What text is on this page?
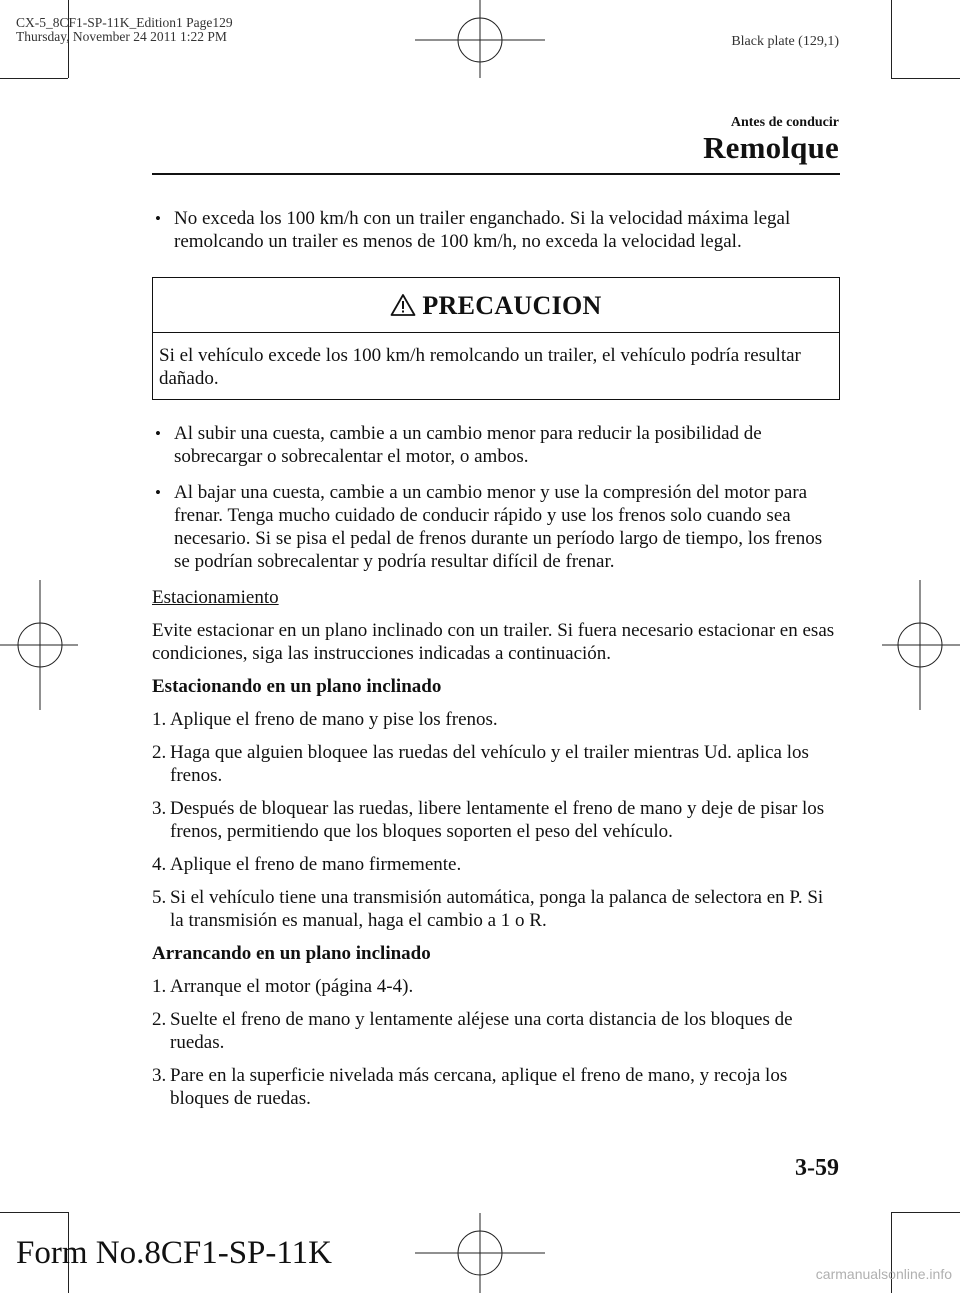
CX-5_8CF1-SP-11K_Edition1 Page129
Thursday, November 24 2011 1:22 PM	Black plate (129,1)
Antes de conducir
Remolque
• No exceda los 100 km/h con un trailer enganchado. Si la velocidad máxima legal remolcando un trailer es menos de 100 km/h, no exceda la velocidad legal.
PRECAUCION
Si el vehículo excede los 100 km/h remolcando un trailer, el vehículo podría resultar dañado.
• Al subir una cuesta, cambie a un cambio menor para reducir la posibilidad de sobrecargar o sobrecalentar el motor, o ambos.
• Al bajar una cuesta, cambie a un cambio menor y use la compresión del motor para frenar. Tenga mucho cuidado de conducir rápido y use los frenos solo cuando sea necesario. Si se pisa el pedal de frenos durante un período largo de tiempo, los frenos se podrían sobrecalentar y podría resultar difícil de frenar.
Estacionamiento
Evite estacionar en un plano inclinado con un trailer. Si fuera necesario estacionar en esas condiciones, siga las instrucciones indicadas a continuación.
Estacionando en un plano inclinado
1. Aplique el freno de mano y pise los frenos.
2. Haga que alguien bloquee las ruedas del vehículo y el trailer mientras Ud. aplica los frenos.
3. Después de bloquear las ruedas, libere lentamente el freno de mano y deje de pisar los frenos, permitiendo que los bloques soporten el peso del vehículo.
4. Aplique el freno de mano firmemente.
5. Si el vehículo tiene una transmisión automática, ponga la palanca de selectora en P. Si la transmisión es manual, haga el cambio a 1 o R.
Arrancando en un plano inclinado
1. Arranque el motor (página 4-4).
2. Suelte el freno de mano y lentamente aléjese una corta distancia de los bloques de ruedas.
3. Pare en la superficie nivelada más cercana, aplique el freno de mano, y recoja los bloques de ruedas.
3-59
Form No.8CF1-SP-11K
carmanualsonline.info
